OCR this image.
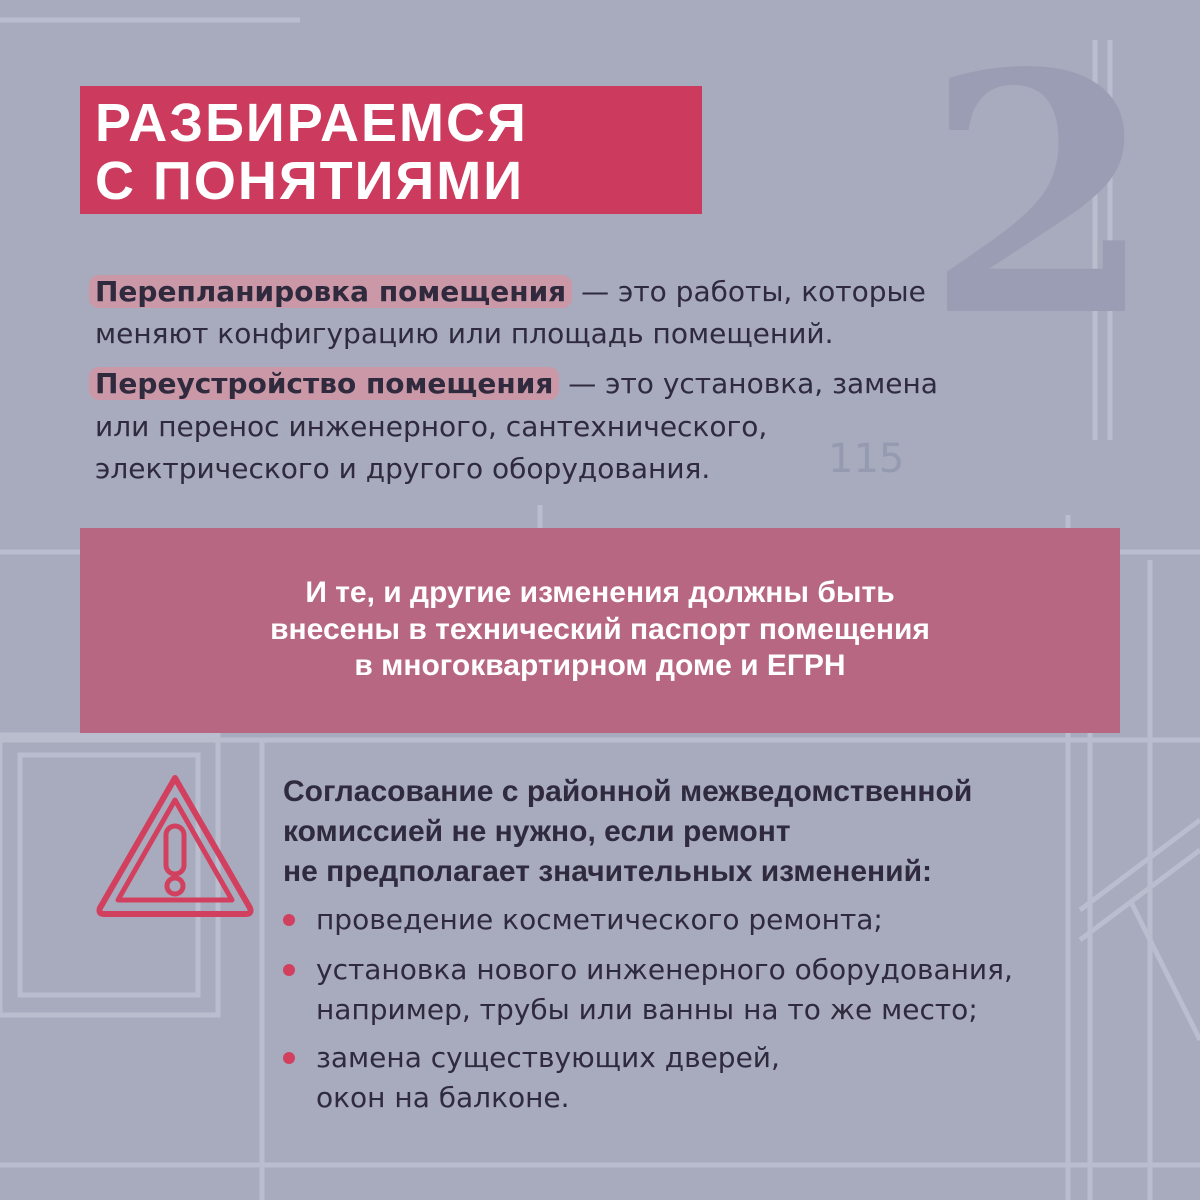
2
115
РАЗБИРАЕМСЯ
С ПОНЯТИЯМИ
Перепланировка помещения — это работы, которые
меняют конфигурацию или площадь помещений.
Переустройство помещения — это установка, замена
или перенос инженерного, сантехнического,
электрического и другого оборудования.
И те, и другие изменения должны быть
внесены в технический паспорт помещения
в многоквартирном доме и ЕГРН
Согласование с районной межведомственной
комиссией не нужно, если ремонт
не предполагает значительных изменений:
проведение косметического ремонта;
установка нового инженерного оборудования,
например, трубы или ванны на то же место;
замена существующих дверей,
окон на балконе.
